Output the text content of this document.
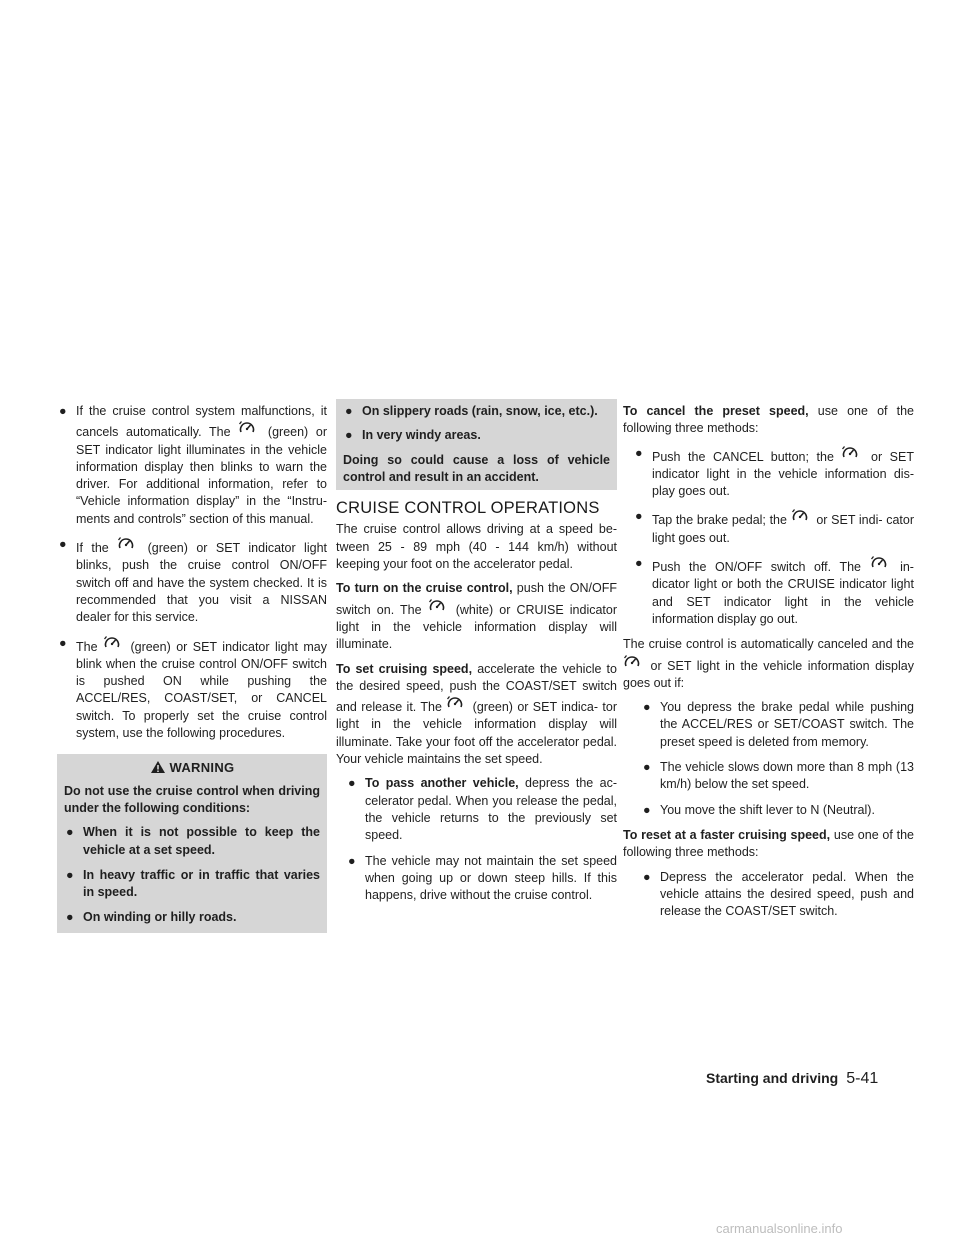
● If the cruise control system malfunctions, it cancels automatically. The	(green) or SET indicator light illuminates in the vehicle information display then blinks to warn the driver. For additional information, refer to “Vehicle information display” in the “Instru- ments and controls” section of this manual.
● If the	(green) or SET indicator light blinks, push the cruise control ON/OFF switch off and have the system checked. It is recommended that you visit a NISSAN dealer for this service.
● The	(green) or SET indicator light may blink when the cruise control ON/OFF switch is pushed ON while pushing the ACCEL/RES, COAST/SET, or CANCEL switch. To properly set the cruise control system, use the following procedures.
WARNING
Do not use the cruise control when driving under the following conditions:
● When it is not possible to keep the vehicle at a set speed.
● In heavy traffic or in traffic that varies in speed.
● On winding or hilly roads.
● On slippery roads (rain, snow, ice, etc.).
● In very windy areas.
Doing so could cause a loss of vehicle control and result in an accident.
CRUISE CONTROL OPERATIONS
The cruise control allows driving at a speed be- tween 25 - 89 mph (40 - 144 km/h) without keeping your foot on the accelerator pedal.
To turn on the cruise control, push the ON/OFF switch on. The	(white) or CRUISE indicator light in the vehicle information display will illuminate.
To set cruising speed, accelerate the vehicle to the desired speed, push the COAST/SET switch and release it. The (green) or SET indica- tor light in the vehicle information display will illuminate. Take your foot off the accelerator pedal. Your vehicle maintains the set speed.
● To pass another vehicle, depress the ac- celerator pedal. When you release the pedal, the vehicle returns to the previously set speed.
● The vehicle may not maintain the set speed when going up or down steep hills. If this happens, drive without the cruise control.
To cancel the preset speed, use one of the following three methods:
● Push the CANCEL button; the	or SET indicator light in the vehicle information dis- play goes out.
● Tap the brake pedal; the or SET indi- cator light goes out.
● Push the ON/OFF switch off. The	in- dicator light or both the CRUISE indicator light and SET indicator light in the vehicle information display go out.
The cruise control is automatically canceled and the  or SET light in the vehicle information display goes out if:
● You depress the brake pedal while pushing the ACCEL/RES or SET/COAST switch. The preset speed is deleted from memory.
● The vehicle slows down more than 8 mph (13 km/h) below the set speed.
● You move the shift lever to N (Neutral).
To reset at a faster cruising speed, use one of the following three methods:
● Depress the accelerator pedal. When the vehicle attains the desired speed, push and release the COAST/SET switch.
Starting and driving 5-41
carmanualsonline.info
